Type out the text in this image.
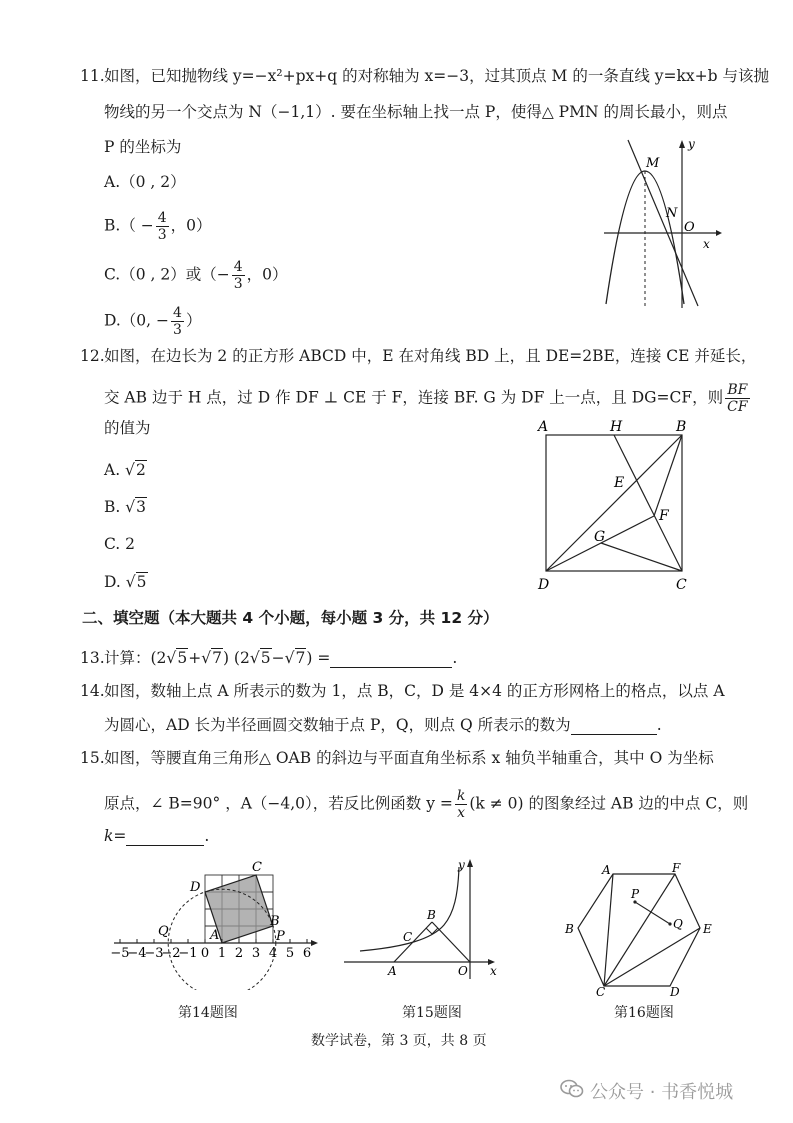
11. 如图，已知抛物线 y=−x²+px+q 的对称轴为 x=−3，过其顶点 M 的一条直线 y=kx+b 与该抛
物线的另一个交点为 N（−1,1）. 要在坐标轴上找一点 P，使得△ PMN 的周长最小，则点
P 的坐标为
A.（0 , 2）
$B.( - \frac{4}{3}$ ，0）
C.（0 , 2）或（− $\frac{4}{3}$ ，0）
D.（0, − $\frac{4}{3}$ ）
M
N
O
x
y
12. 如图，在边长为 2 的正方形 ABCD 中，E 在对角线 BD 上，且 DE=2BE，连接 CE 并延长，
交 AB 边于 H 点，过 D 作 DF ⊥ CE 于 F，连接 BF. G 为 DF 上一点，且 DG=CF，则 $\frac{BF}{CF}$
的值为
A. √2
B. √3
C. 2
D. √5
A	H	B
E
F
G
D	C
二、填空题（本大题共 4 个小题，每小题 3 分，共 12 分）
13. 计算：(2√5+√7) (2√5−√7) =	.
14. 如图，数轴上点 A 所表示的数为 1，点 B，C，D 是 4×4 的正方形网格上的格点，以点 A
为圆心，AD 长为半径画圆交数轴于点 P，Q，则点 Q 所表示的数为	.
15. 如图，等腰直角三角形△ OAB 的斜边与平面直角坐标系 x 轴负半轴重合，其中 O 为坐标
原点，∠ B=90° ，A（−4,0），若反比例函数 $y = \frac{k}{x} (k \ne 0)$ 的图象经过 AB 边的中点 C，则
k=	.
−5
−4
−3
−2
−1 0 1 2 3 4 5 6
A
B
C
D
P
Q
第14题图
A
B
C
O x
y
第15题图
A	F
B	E
C	D
P
Q
第16题图
数学试卷，第 3 页，共 8 页
公众号 · 书香悦城
